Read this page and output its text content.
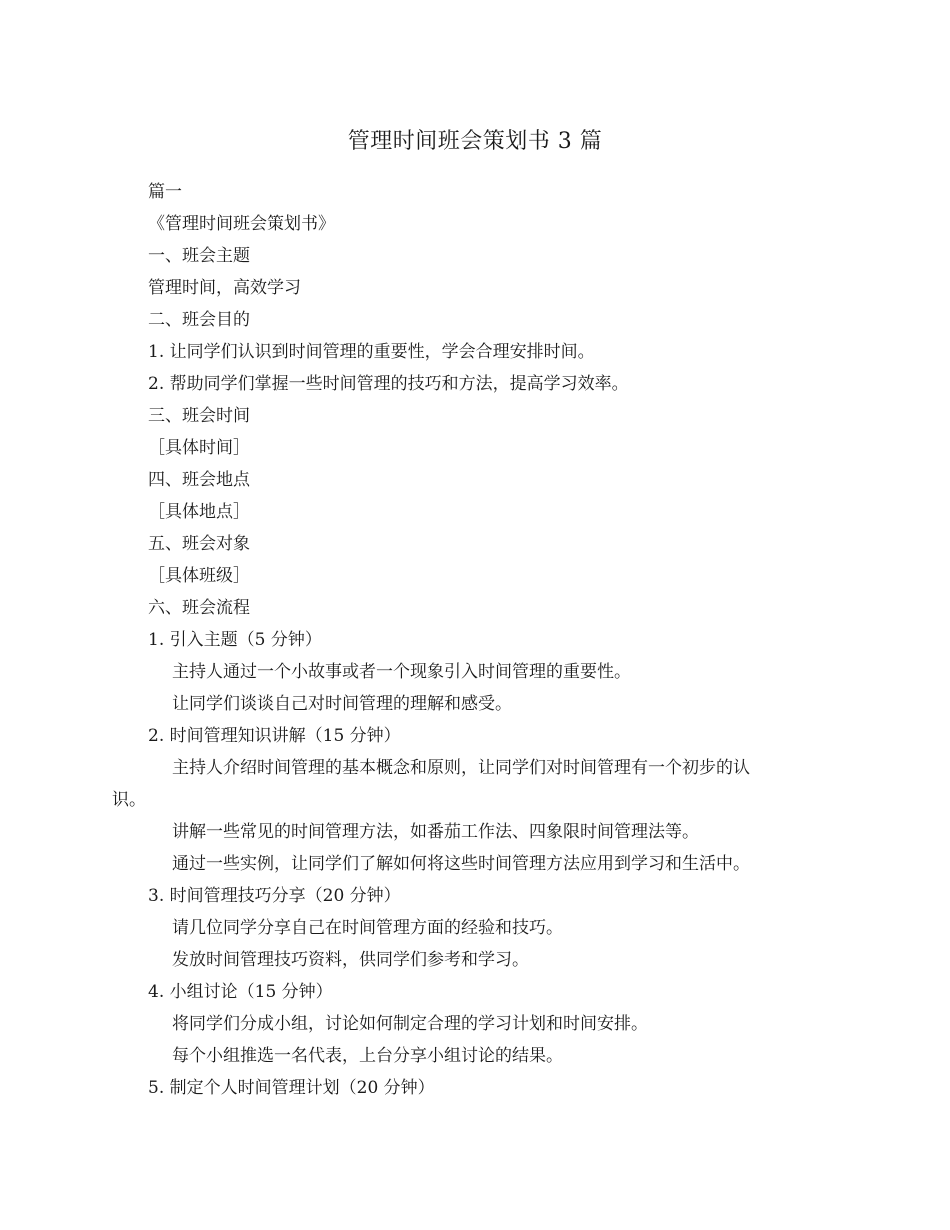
管理时间班会策划书 3 篇
篇一
《管理时间班会策划书》
一、班会主题
管理时间，高效学习
二、班会目的
1. 让同学们认识到时间管理的重要性，学会合理安排时间。
2. 帮助同学们掌握一些时间管理的技巧和方法，提高学习效率。
三、班会时间
［具体时间］
四、班会地点
［具体地点］
五、班会对象
［具体班级］
六、班会流程
1. 引入主题（5 分钟）
主持人通过一个小故事或者一个现象引入时间管理的重要性。
让同学们谈谈自己对时间管理的理解和感受。
2. 时间管理知识讲解（15 分钟）
主持人介绍时间管理的基本概念和原则，让同学们对时间管理有一个初步的认
识。
讲解一些常见的时间管理方法，如番茄工作法、四象限时间管理法等。
通过一些实例，让同学们了解如何将这些时间管理方法应用到学习和生活中。
3. 时间管理技巧分享（20 分钟）
请几位同学分享自己在时间管理方面的经验和技巧。
发放时间管理技巧资料，供同学们参考和学习。
4. 小组讨论（15 分钟）
将同学们分成小组，讨论如何制定合理的学习计划和时间安排。
每个小组推选一名代表，上台分享小组讨论的结果。
5. 制定个人时间管理计划（20 分钟）
